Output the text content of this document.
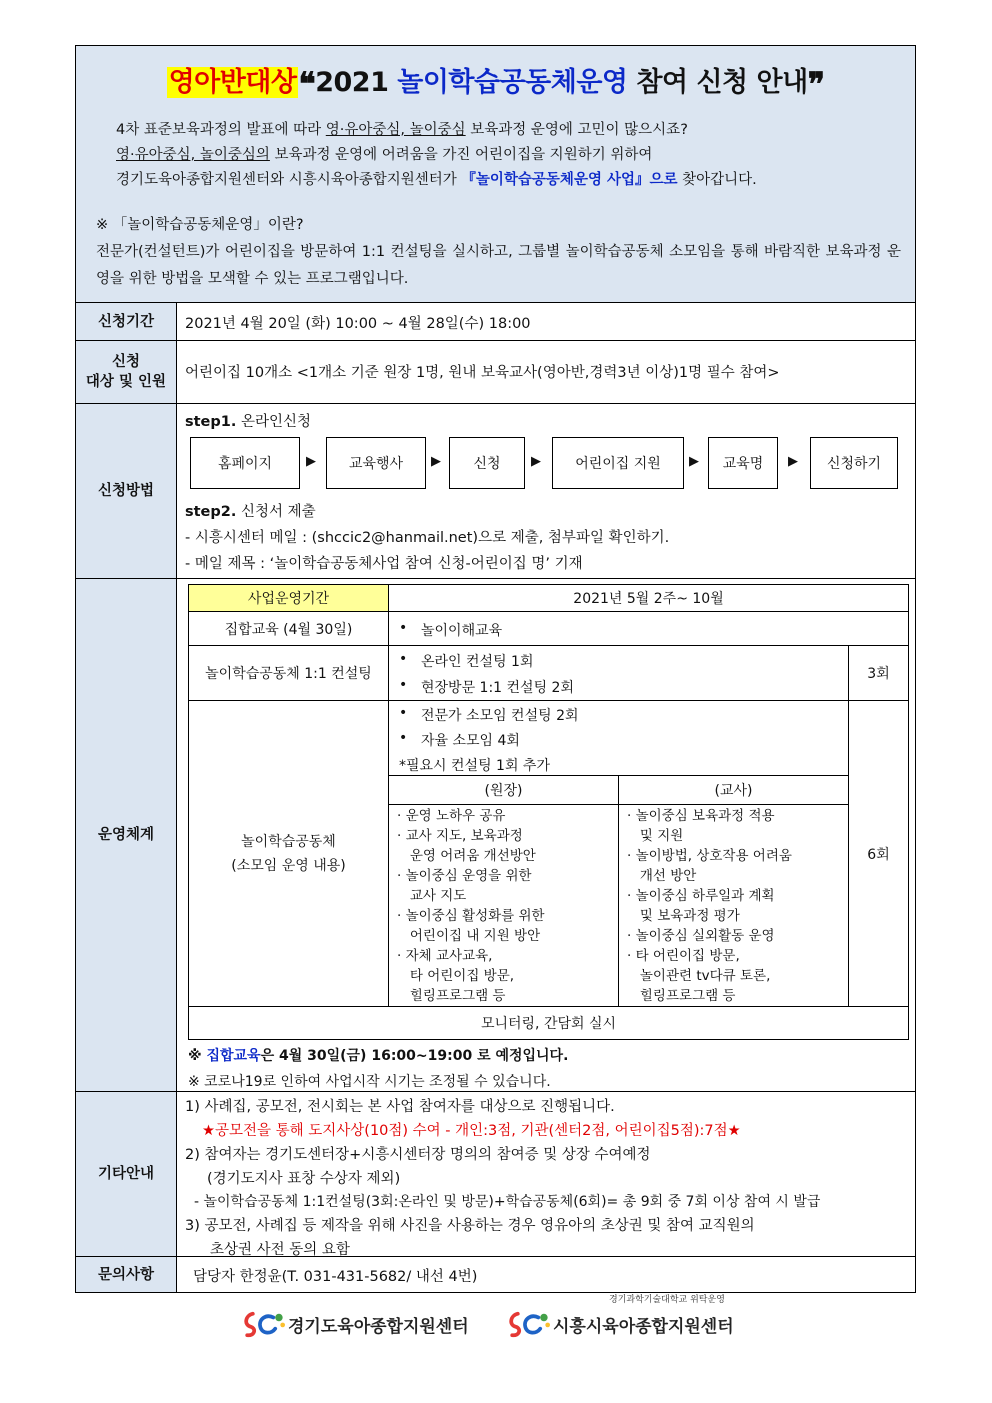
영아반대상❝2021 놀이학습공동체운영 참여 신청 안내❞

4차 표준보육과정의 발표에 따라 영·유아중심, 놀이중심 보육과정 운영에 고민이 많으시죠?

영·유아중심, 놀이중심의 보육과정 운영에 어려움을 가진 어린이집을 지원하기 위하여

경기도육아종합지원센터와 시흥시육아종합지원센터가 『놀이학습공동체운영 사업』으로 찾아갑니다.

※ 「놀이학습공동체운영」이란?

전문가(컨설턴트)가 어린이집을 방문하여 1:1 컨설팅을 실시하고, 그룹별 놀이학습공동체 소모임을 통해 바람직한 보육과정 운영을 위한 방법을 모색할 수 있는 프로그램입니다.

신청기간	2021년 4월 20일 (화) 10:00 ~ 4월 28일(수) 18:00
신청
대상 및 인원
어린이집 10개소 <1개소 기준 원장 1명, 원내 보육교사(영아반,경력3년 이상)1명 필수 참여>
신청방법
step1. 온라인신청
홈페이지	▶	교육행사	▶	신청	▶	어린이집 지원	▶	교육명	▶	신청하기
step2. 신청서 제출
- 시흥시센터 메일 : (shccic2@hanmail.net)으로 제출, 첨부파일 확인하기.
- 메일 제목 : ‘놀이학습공동체사업 참여 신청-어린이집 명’ 기재
운영체계
사업운영기간	2021년 5월 2주~ 10월
집합교육 (4월 30일)
•	놀이이해교육
놀이학습공동체 1:1 컨설팅
• 온라인 컨설팅 1회
• 현장방문 1:1 컨설팅 2회
3회
놀이학습공동체
(소모임 운영 내용)
• 전문가 소모임 컨설팅 2회
• 자율 소모임 4회
*필요시 컨설팅 1회 추가
(원장)	(교사)
· 운영 노하우 공유
· 교사 지도, 보육과정
운영 어려움 개선방안
· 놀이중심 운영을 위한
교사 지도
· 놀이중심 활성화를 위한
어린이집 내 지원 방안
· 자체 교사교육,
타 어린이집 방문,
힐링프로그램 등
· 놀이중심 보육과정 적용
및 지원
· 놀이방법, 상호작용 어려움
개선 방안
· 놀이중심 하루일과 계획
및 보육과정 평가
· 놀이중심 실외활동 운영
· 타 어린이집 방문,
놀이관련 tv다큐 토론,
힐링프로그램 등
6회
모니터링, 간담회 실시
※ 집합교육은 4월 30일(금) 16:00~19:00 로 예정입니다.
※ 코로나19로 인하여 사업시작 시기는 조정될 수 있습니다.
기타안내
1) 사례집, 공모전, 전시회는 본 사업 참여자를 대상으로 진행됩니다.
★공모전을 통해 도지사상(10점) 수여 - 개인:3점, 기관(센터2점, 어린이집5점):7점★
2) 참여자는 경기도센터장+시흥시센터장 명의의 참여증 및 상장 수여예정
(경기도지사 표창 수상자 제외)
- 놀이학습공동체 1:1컨설팅(3회:온라인 및 방문)+학습공동체(6회)= 총 9회 중 7회 이상 참여 시 발급
3) 공모전, 사례집 등 제작을 위해 사진을 사용하는 경우 영유아의 초상권 및 참여 교직원의
초상권 사전 동의 요함
문의사항	담당자 한정윤(T. 031-431-5682/ 내선 4번)
경기도육아종합지원센터
경기과학기술대학교 위탁운영
시흥시육아종합지원센터
